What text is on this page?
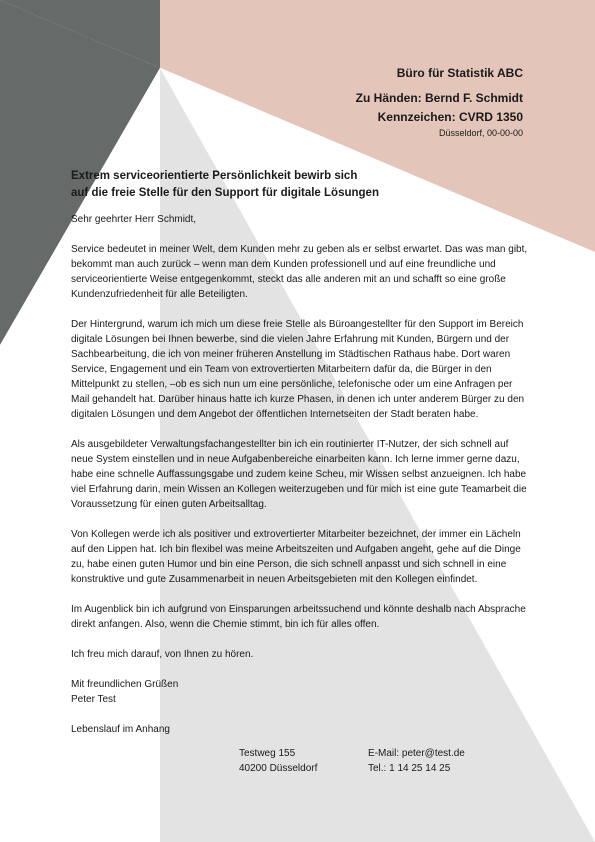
Büro für Statistik ABC
Zu Händen: Bernd F. Schmidt
Kennzeichen: CVRD 1350
Düsseldorf, 00-00-00
Extrem serviceorientierte Persönlichkeit bewirb sich
auf die freie Stelle für den Support für digitale Lösungen

Sehr geehrter Herr Schmidt,

Service bedeutet in meiner Welt, dem Kunden mehr zu geben als er selbst erwartet. Das was man gibt, bekommt man auch zurück – wenn man dem Kunden professionell und auf eine freundliche und serviceorientierte Weise entgegenkommt, steckt das alle anderen mit an und schafft so eine große Kundenzufriedenheit für alle Beteiligten.

Der Hintergrund, warum ich mich um diese freie Stelle als Büroangestellter für den Support im Bereich digitale Lösungen bei Ihnen bewerbe, sind die vielen Jahre Erfahrung mit Kunden, Bürgern und der Sachbearbeitung, die ich von meiner früheren Anstellung im Städtischen Rathaus habe. Dort waren Service, Engagement und ein Team von extrovertierten Mitarbeitern dafür da, die Bürger in den Mittelpunkt zu stellen, –ob es sich nun um eine persönliche, telefonische oder um eine Anfragen per Mail gehandelt hat. Darüber hinaus hatte ich kurze Phasen, in denen ich unter anderem Bürger zu den digitalen Lösungen und dem Angebot der öffentlichen Internetseiten der Stadt beraten habe.

Als ausgebildeter Verwaltungsfachangestellter bin ich ein routinierter IT-Nutzer, der sich schnell auf neue System einstellen und in neue Aufgabenbereiche einarbeiten kann. Ich lerne immer gerne dazu, habe eine schnelle Auffassungsgabe und zudem keine Scheu, mir Wissen selbst anzueignen. Ich habe viel Erfahrung darin, mein Wissen an Kollegen weiterzugeben und für mich ist eine gute Teamarbeit die Voraussetzung für einen guten Arbeitsalltag.

Von Kollegen werde ich als positiver und extrovertierter Mitarbeiter bezeichnet, der immer ein Lächeln auf den Lippen hat. Ich bin flexibel was meine Arbeitszeiten und Aufgaben angeht, gehe auf die Dinge zu, habe einen guten Humor und bin eine Person, die sich schnell anpasst und sich schnell in eine konstruktive und gute Zusammenarbeit in neuen Arbeitsgebieten mit den Kollegen einfindet.

Im Augenblick bin ich aufgrund von Einsparungen arbeitssuchend und könnte deshalb nach Absprache direkt anfangen. Also, wenn die Chemie stimmt, bin ich für alles offen.

Ich freu mich darauf, von Ihnen zu hören.

Mit freundlichen Grüßen

Peter Test

Lebenslauf im Anhang

Testweg 155
40200 Düsseldorf
E-Mail: peter@test.de
Tel.: 1 14 25 14 25
